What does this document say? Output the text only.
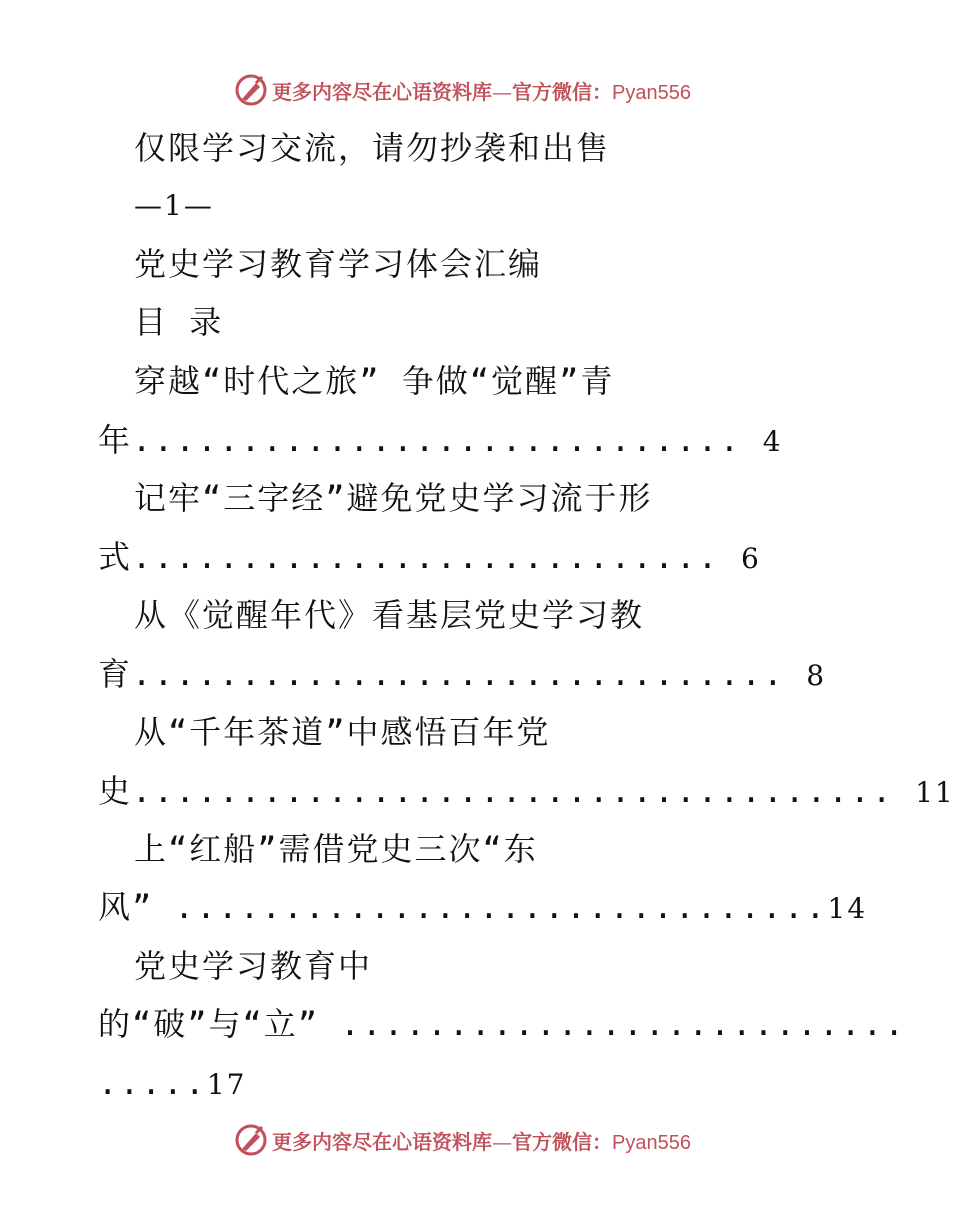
更多内容尽在心语资料库—官方微信：Pyan556
仅限学习交流，请勿抄袭和出售
—1—
党史学习教育学习体会汇编
目 录
穿越“时代之旅” 争做“觉醒”青
年............................ 4
记牢“三字经”避免党史学习流于形
式........................... 6
从《觉醒年代》看基层党史学习教
育.............................. 8
从“千年茶道”中感悟百年党
史................................... 11
上“红船”需借党史三次“东
风” ..............................14
党史学习教育中
的“破”与“立” ..........................
.....17
更多内容尽在心语资料库—官方微信：Pyan556
